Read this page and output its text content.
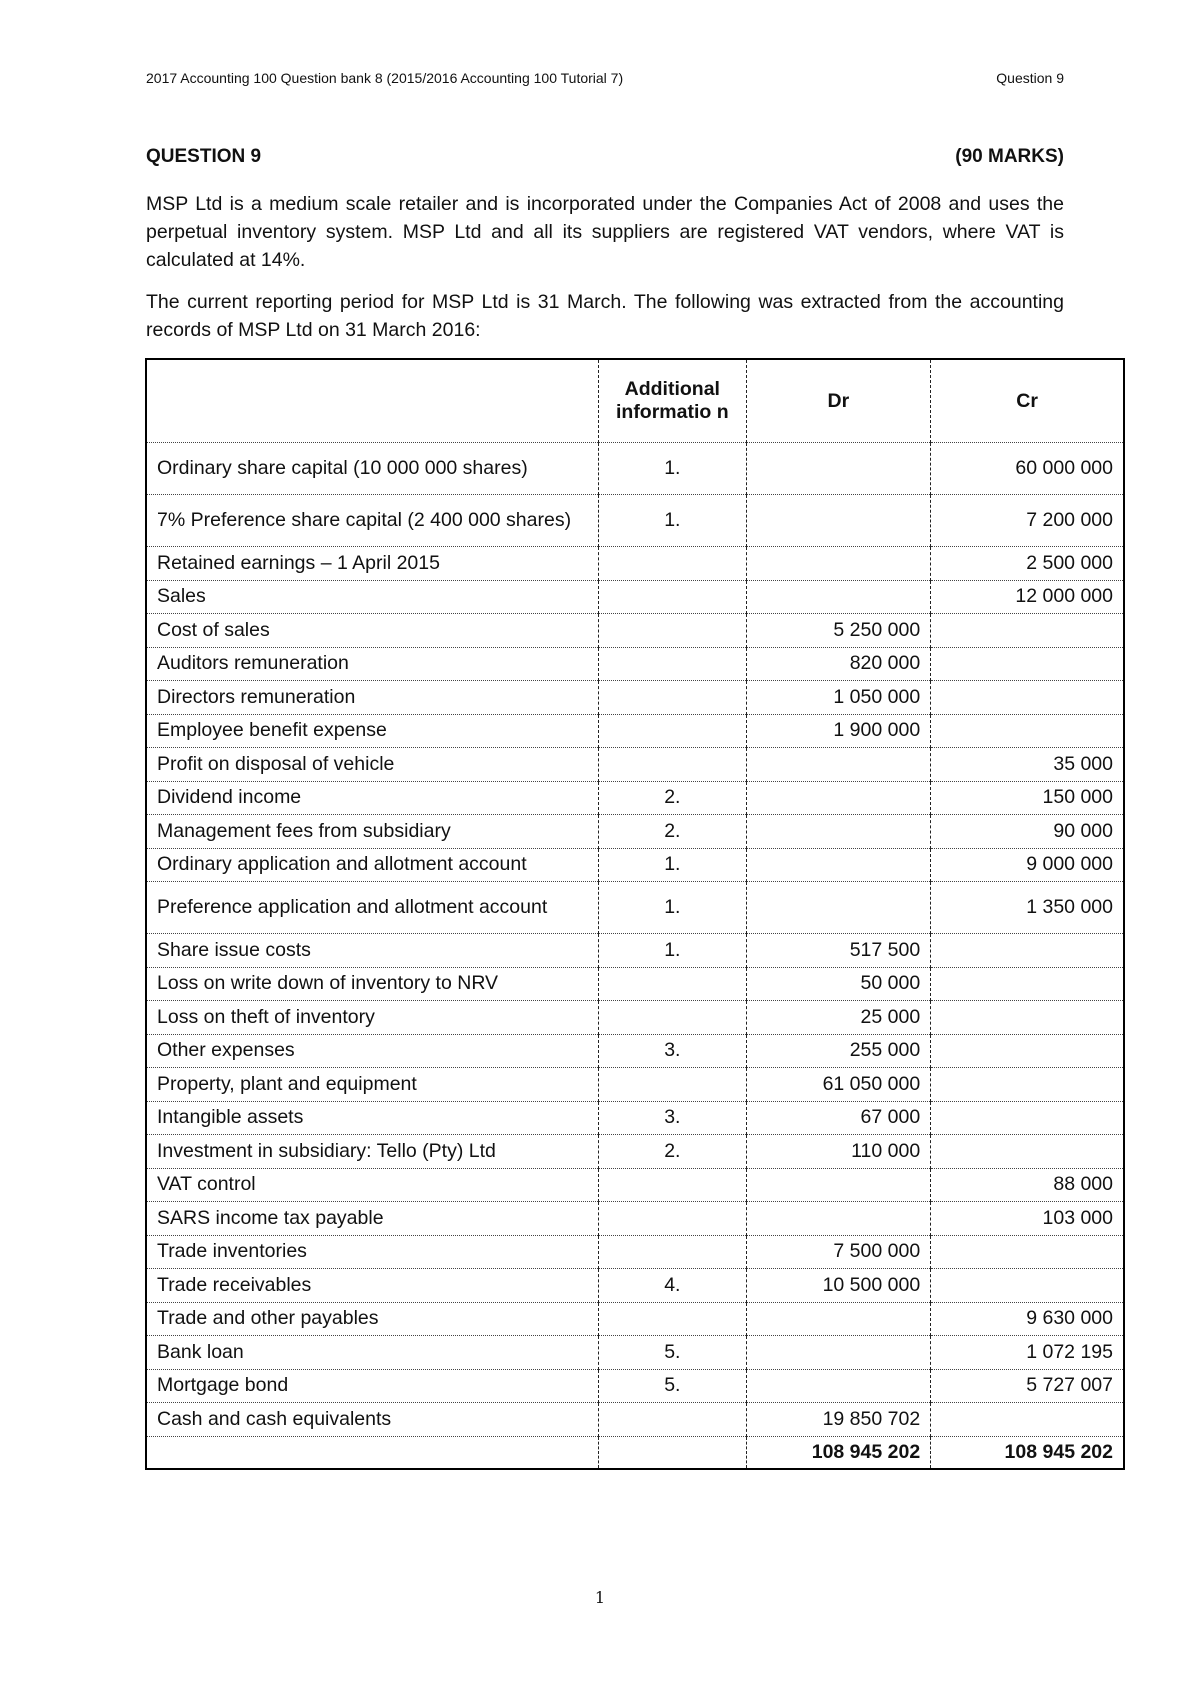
2017 Accounting 100 Question bank 8 (2015/2016 Accounting 100 Tutorial 7)	Question 9
QUESTION 9	(90 MARKS)

MSP Ltd is a medium scale retailer and is incorporated under the Companies Act of 2008 and uses the perpetual inventory system. MSP Ltd and all its suppliers are registered VAT vendors, where VAT is calculated at 14%.

The current reporting period for MSP Ltd is 31 March. The following was extracted from the accounting records of MSP Ltd on 31 March 2016:

	Additional informatio n	Dr	Cr
Ordinary share capital (10 000 000 shares)	1.		60 000 000
7% Preference share capital (2 400 000 shares)	1.		7 200 000
Retained earnings – 1 April 2015			2 500 000
Sales			12 000 000
Cost of sales		5 250 000	
Auditors remuneration		820 000	
Directors remuneration		1 050 000	
Employee benefit expense		1 900 000	
Profit on disposal of vehicle			35 000
Dividend income	2.		150 000
Management fees from subsidiary	2.		90 000
Ordinary application and allotment account	1.		9 000 000
Preference application and allotment account	1.		1 350 000
Share issue costs	1.	517 500	
Loss on write down of inventory to NRV		50 000	
Loss on theft of inventory		25 000	
Other expenses	3.	255 000	
Property, plant and equipment		61 050 000	
Intangible assets	3.	67 000	
Investment in subsidiary: Tello (Pty) Ltd	2.	110 000	
VAT control			88 000
SARS income tax payable			103 000
Trade inventories		7 500 000	
Trade receivables	4.	10 500 000	
Trade and other payables			9 630 000
Bank loan	5.		1 072 195
Mortgage bond	5.		5 727 007
Cash and cash equivalents		19 850 702	
		108 945 202	108 945 202
1
